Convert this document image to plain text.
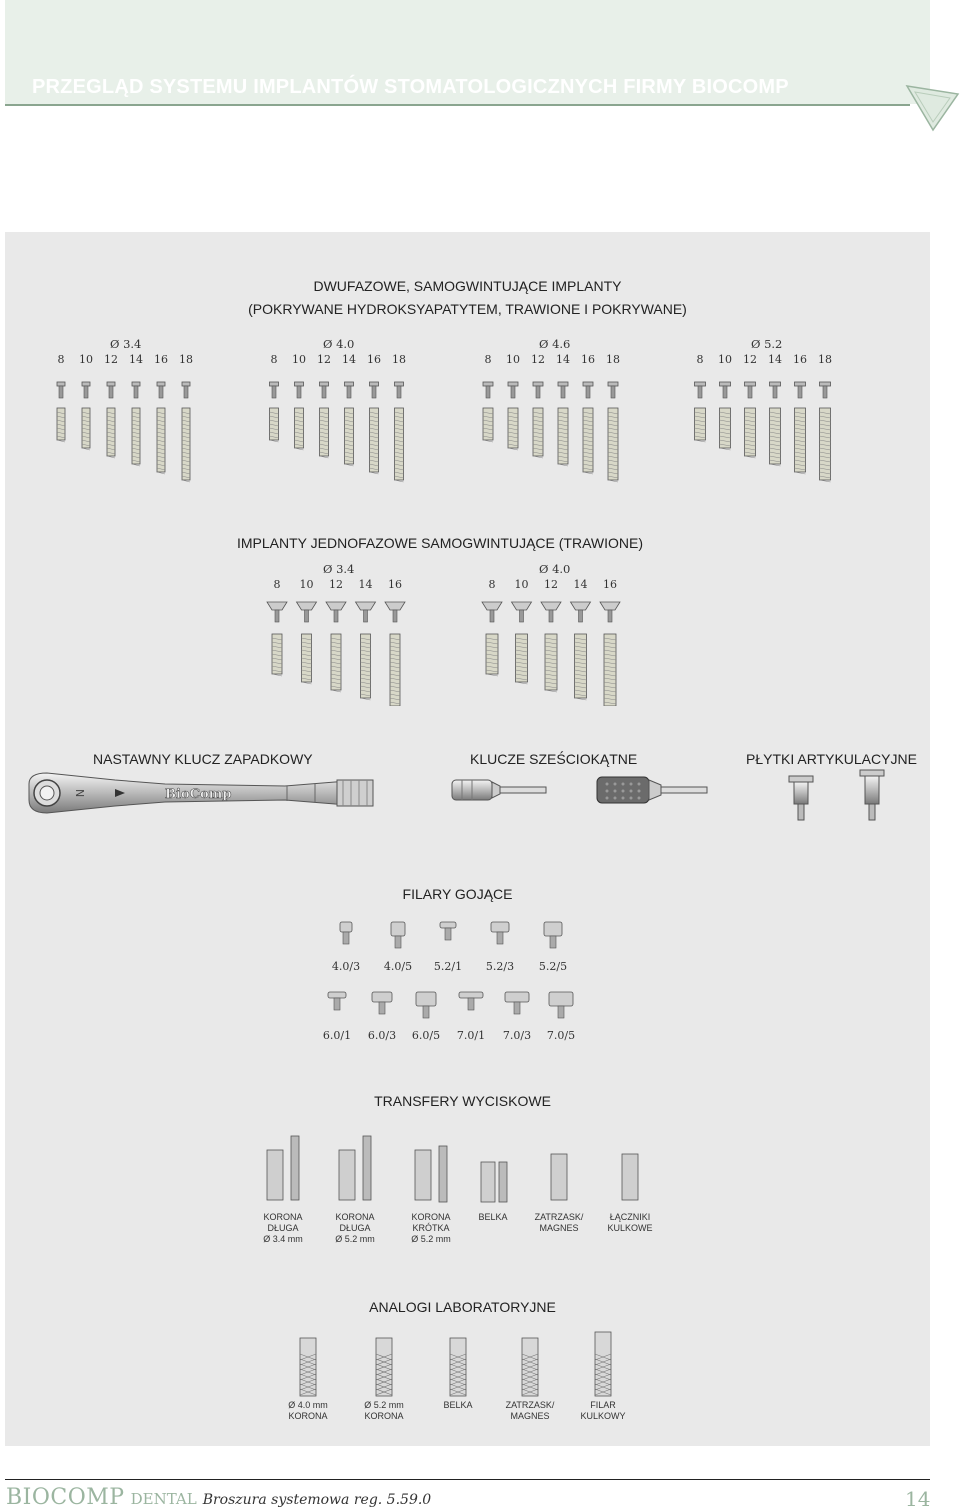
PRZEGLĄD SYSTEMU IMPLANTÓW STOMATOLOGICZNYCH FIRMY BIOCOMP
DWUFAZOWE, SAMOGWINTUJĄCE IMPLANTY
(POKRYWANE HYDROKSYAPATYTEM, TRAWIONE I POKRYWANE)
Ø 3.4	Ø 4.0	Ø 4.6	Ø 5.2
8	10	12	14	16	18	8	10	12	14	16	18	8	10	12	14	16	18	8	10	12	14	16	18
IMPLANTY JEDNOFAZOWE SAMOGWINTUJĄCE (TRAWIONE)
Ø 3.4	Ø 4.0
8	10	12	14	16	8	10	12	14	16
NASTAWNY KLUCZ ZAPADKOWY	KLUCZE SZEŚCIOKĄTNE	PŁYTKI ARTYKULACYJNE
N	BioComp
FILARY GOJĄCE
4.0/3	4.0/5	5.2/1	5.2/3	5.2/5
6.0/1	6.0/3	6.0/5	7.0/1	7.0/3	7.0/5
TRANSFERY WYCISKOWE
KORONA
DŁUGA
Ø 3.4 mm
KORONA
DŁUGA
Ø 5.2 mm
KORONA
KRÓTKA
Ø 5.2 mm
BELKA	ZATRZASK/
MAGNES
ŁĄCZNIKI
KULKOWE
ANALOGI LABORATORYJNE
Ø 4.0 mm
KORONA
Ø 5.2 mm
KORONA
BELKA	ZATRZASK/
MAGNES
FILAR
KULKOWY
BIOCOMP DENTAL Broszura systemowa reg. 5.59.0	14
